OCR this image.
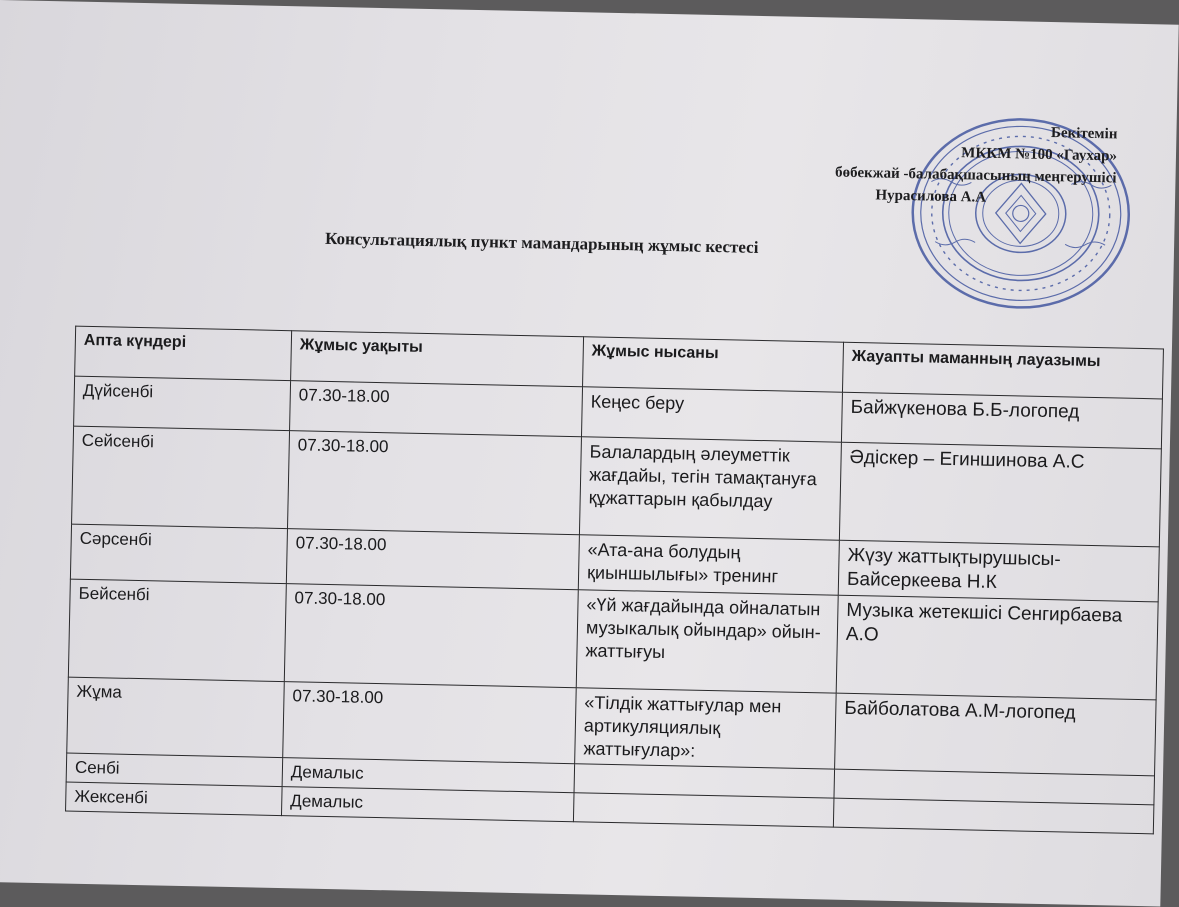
Бекітемін
МККМ №100 «Гаухар»
бөбекжай -балабақшасының меңгерушісі
Нурасилова А.А
Консультациялық пункт мамандарының жұмыс кестесі
Апта күндері	Жұмыс уақыты	Жұмыс нысаны	Жауапты маманның лауазымы
Дүйсенбі	07.30-18.00	Кеңес беру	Байжүкенова Б.Б-логопед
Сейсенбі	07.30-18.00	Балалардың әлеуметтік жағдайы, тегін тамақтануға құжаттарын қабылдау	Әдіскер – Егиншинова А.С
Сәрсенбі	07.30-18.00	«Ата-ана болудың қиыншылығы» тренинг	Жүзу жаттықтырушысы-Байсеркеева Н.К
Бейсенбі	07.30-18.00	«Үй жағдайында ойналатын музыкалық ойындар» ойын-жаттығуы	Музыка жетекшісі Сенгирбаева А.О
Жұма	07.30-18.00	«Тілдік жаттығулар мен артикуляциялық жаттығулар»:	Байболатова А.М-логопед
Сенбі	Демалыс		
Жексенбі	Демалыс		
